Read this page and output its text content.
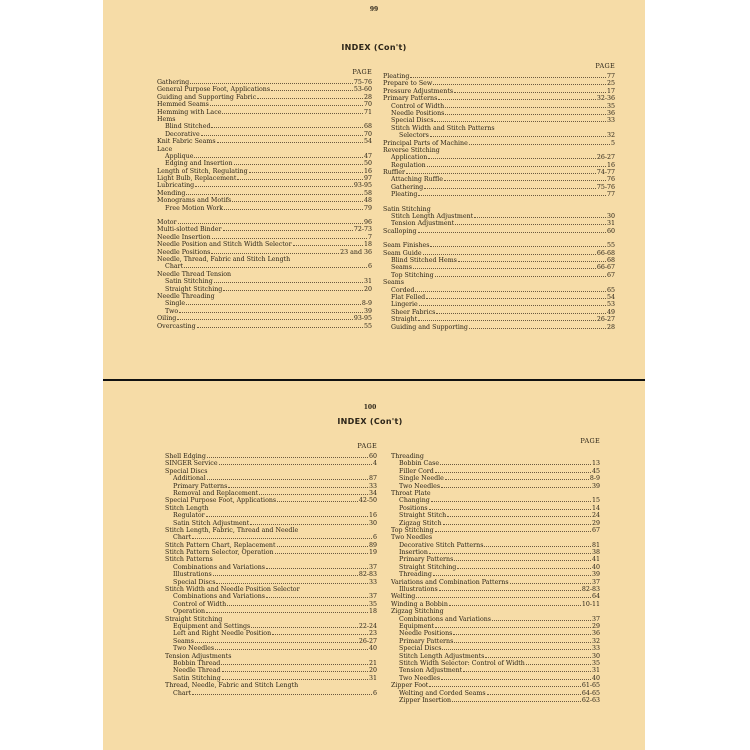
99
INDEX (Con't)
PAGE
Gathering	75-76
General Purpose Foot, Applications	53-60
Guiding and Supporting Fabric	28
Hemmed Seams	70
Hemming with Lace	71
Hems
Blind Stitched	68
Decorative	70
Knit Fabric Seams	54
Lace
Applique	47
Edging and Insertion	50
Length of Stitch, Regulating	16
Light Bulb, Replacement	97
Lubricating	93-95
Mending	58
Monograms and Motifs	48
Free Motion Work	79
Motor	96
Multi-slotted Binder	72-73
Needle Insertion	7
Needle Position and Stitch Width Selector	18
Needle Positions	23 and 36
Needle, Thread, Fabric and Stitch Length
Chart	6
Needle Thread Tension
Satin Stitching	31
Straight Stitching	20
Needle Threading
Single	8-9
Two	39
Oiling	93-95
Overcasting	55
PAGE
Pleating	77
Prepare to Sew	25
Pressure Adjustments	17
Primary Patterns	32-36
Control of Width	35
Needle Positions	36
Special Discs	33
Stitch Width and Stitch Patterns
Selectors	32
Principal Parts of Machine	5
Reverse Stitching
Application	26-27
Regulation	16
Ruffler	74-77
Attaching Ruffle	76
Gathering	75-76
Pleating	77
Satin Stitching
Stitch Length Adjustment	30
Tension Adjustment	31
Scalloping	60
Seam Finishes	55
Seam Guide	66-68
Blind Stitched Hems	68
Seams	66-67
Top Stitching	67
Seams
Corded	65
Flat Felled	54
Lingerie	53
Sheer Fabrics	49
Straight	26-27
Guiding and Supporting	28
100
INDEX (Con't)
PAGE
Shell Edging	60
SINGER Service	4
Special Discs
Additional	87
Primary Patterns	33
Removal and Replacement	34
Special Purpose Foot, Applications	42-50
Stitch Length
Regulator	16
Satin Stitch Adjustment	30
Stitch Length, Fabric, Thread and Needle
Chart	6
Stitch Pattern Chart, Replacement	89
Stitch Pattern Selector, Operation	19
Stitch Patterns
Combinations and Variations	37
Illustrations	82-83
Special Discs	33
Stitch Width and Needle Position Selector
Combinations and Variations	37
Control of Width	35
Operation	18
Straight Stitching
Equipment and Settings	22-24
Left and Right Needle Position	23
Seams	26-27
Two Needles	40
Tension Adjustments
Bobbin Thread	21
Needle Thread	20
Satin Stitching	31
Thread, Needle, Fabric and Stitch Length
Chart	6
PAGE
Threading
Bobbin Case	13
Filler Cord	45
Single Needle	8-9
Two Needles	39
Throat Plate
Changing	15
Positions	14
Straight Stitch	24
Zigzag Stitch	29
Top Stitching	67
Two Needles
Decorative Stitch Patterns	81
Insertion	38
Primary Patterns	41
Straight Stitching	40
Threading	39
Variations and Combination Patterns	37
Illustrations	82-83
Welting	64
Winding a Bobbin	10-11
Zigzag Stitching
Combinations and Variations	37
Equipment	29
Needle Positions	36
Primary Patterns	32
Special Discs	33
Stitch Length Adjustments	30
Stitch Width Selector: Control of Width	35
Tension Adjustment	31
Two Needles	40
Zipper Foot	61-65
Welting and Corded Seams	64-65
Zipper Insertion	62-63
